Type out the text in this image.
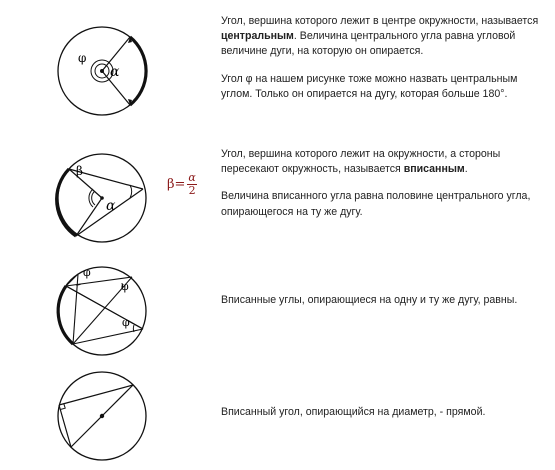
φ
α

Угол, вершина которого лежит в центре окружности, называется центральным. Величина центрального угла равна угловой величине дуги, на которую он опирается.

Угол φ на нашем рисунке тоже можно назвать центральным углом. Только он опирается на дугу, которая больше 180°.

β
α
$\beta= \frac{\alpha}{2}$

Угол, вершина которого лежит на окружности, а стороны пересекают окружность, называется вписанным.

Величина вписанного угла равна половине центрального угла, опирающегося на ту же дугу.

φ
φ
φ

Вписанные углы, опирающиеся на одну и ту же дугу, равны.

Вписанный угол, опирающийся на диаметр, - прямой.
